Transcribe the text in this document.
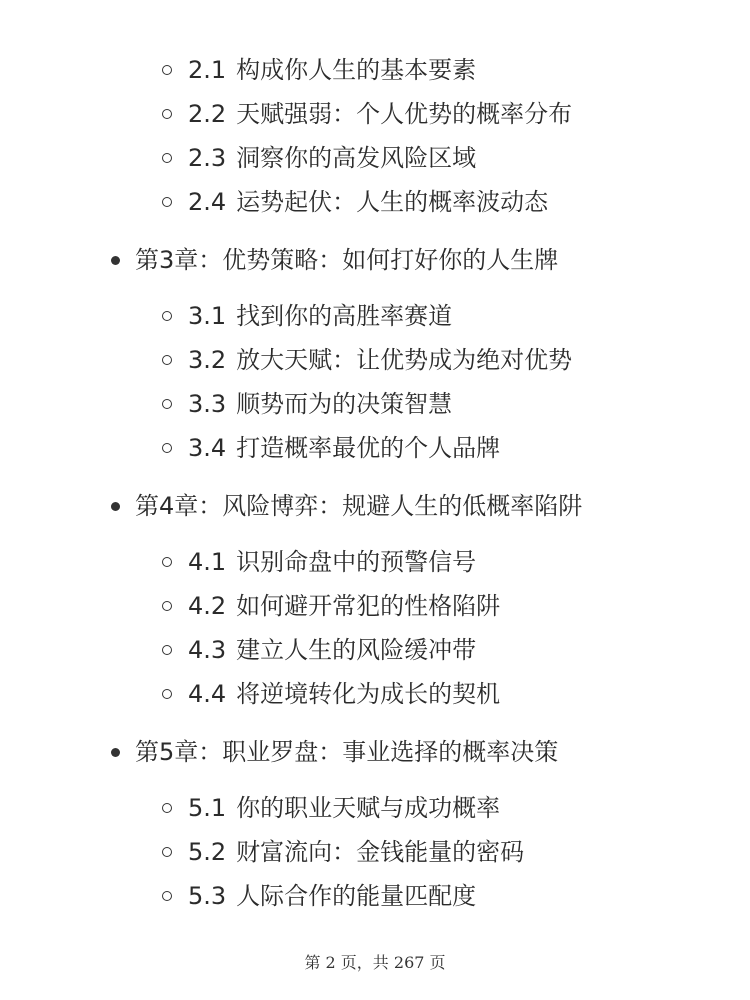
2.1 构成你人生的基本要素
2.2 天赋强弱：个人优势的概率分布
2.3 洞察你的高发风险区域
2.4 运势起伏：人生的概率波动态
第3章：优势策略：如何打好你的人生牌
3.1 找到你的高胜率赛道
3.2 放大天赋：让优势成为绝对优势
3.3 顺势而为的决策智慧
3.4 打造概率最优的个人品牌
第4章：风险博弈：规避人生的低概率陷阱
4.1 识别命盘中的预警信号
4.2 如何避开常犯的性格陷阱
4.3 建立人生的风险缓冲带
4.4 将逆境转化为成长的契机
第5章：职业罗盘：事业选择的概率决策
5.1 你的职业天赋与成功概率
5.2 财富流向：金钱能量的密码
5.3 人际合作的能量匹配度
第 2 页，共 267 页
